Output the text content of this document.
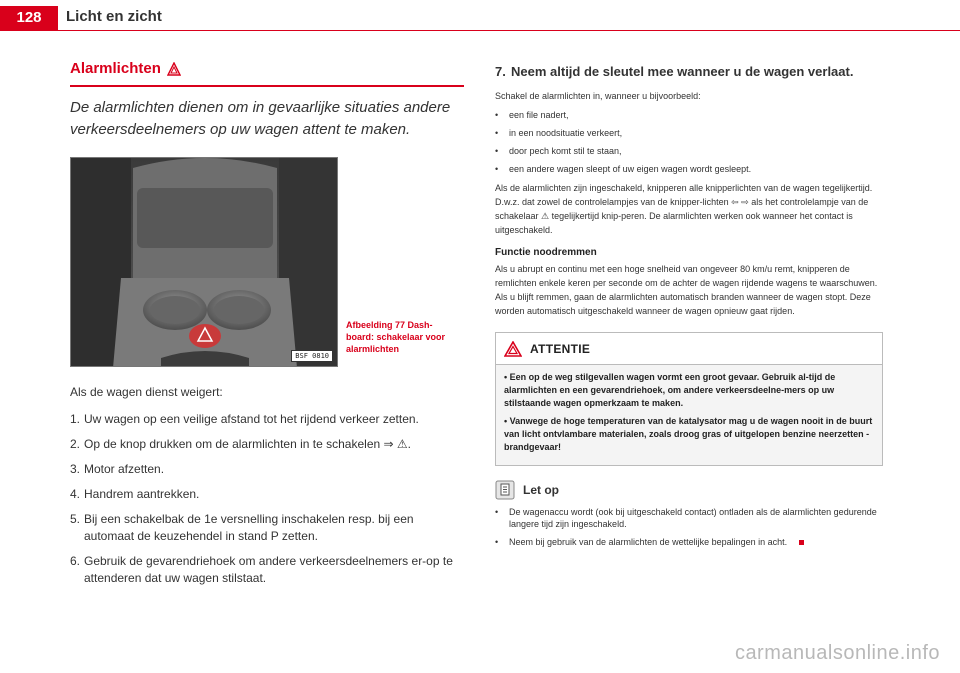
128	Licht en zicht
Alarmlichten
De alarmlichten dienen om in gevaarlijke situaties andere verkeersdeelnemers op uw wagen attent te maken.
BSF 0810
Afbeelding 77 Dash-board: schakelaar voor alarmlichten
Als de wagen dienst weigert:
1. Uw wagen op een veilige afstand tot het rijdend verkeer zetten.
2. Op de knop drukken om de alarmlichten in te schakelen ⇒ ⚠.
3. Motor afzetten.
4. Handrem aantrekken.
5. Bij een schakelbak de 1e versnelling inschakelen resp. bij een automaat de keuzehendel in stand P zetten.
6. Gebruik de gevarendriehoek om andere verkeersdeelnemers er-op te attenderen dat uw wagen stilstaat.
7. Neem altijd de sleutel mee wanneer u de wagen verlaat.
Schakel de alarmlichten in, wanneer u bijvoorbeeld:
•	een file nadert,
•	in een noodsituatie verkeert,
•	door pech komt stil te staan,
•	een andere wagen sleept of uw eigen wagen wordt gesleept.
Als de alarmlichten zijn ingeschakeld, knipperen alle knipperlichten van de wagen tegelijkertijd. D.w.z. dat zowel de controlelampjes van de knipper-lichten ⇦ ⇨ als het controlelampje van de schakelaar ⚠ tegelijkertijd knip-peren. De alarmlichten werken ook wanneer het contact is uitgeschakeld.
Functie noodremmen
Als u abrupt en continu met een hoge snelheid van ongeveer 80 km/u remt, knipperen de remlichten enkele keren per seconde om de achter de wagen rijdende wagens te waarschuwen. Als u blijft remmen, gaan de alarmlichten automatisch branden wanneer de wagen stopt. Deze worden automatisch uitgeschakeld wanneer de wagen opnieuw gaat rijden.
ATTENTIE

• Een op de weg stilgevallen wagen vormt een groot gevaar. Gebruik al-tijd de alarmlichten en een gevarendriehoek, om andere verkeersdeelne-mers op uw stilstaande wagen opmerkzaam te maken.

• Vanwege de hoge temperaturen van de katalysator mag u de wagen nooit in de buurt van licht ontvlambare materialen, zoals droog gras of uitgelopen benzine neerzetten - brandgevaar!

Let op
•	De wagenaccu wordt (ook bij uitgeschakeld contact) ontladen als de alarmlichten gedurende langere tijd zijn ingeschakeld.
•	Neem bij gebruik van de alarmlichten de wettelijke bepalingen in acht.
carmanualsonline.info
